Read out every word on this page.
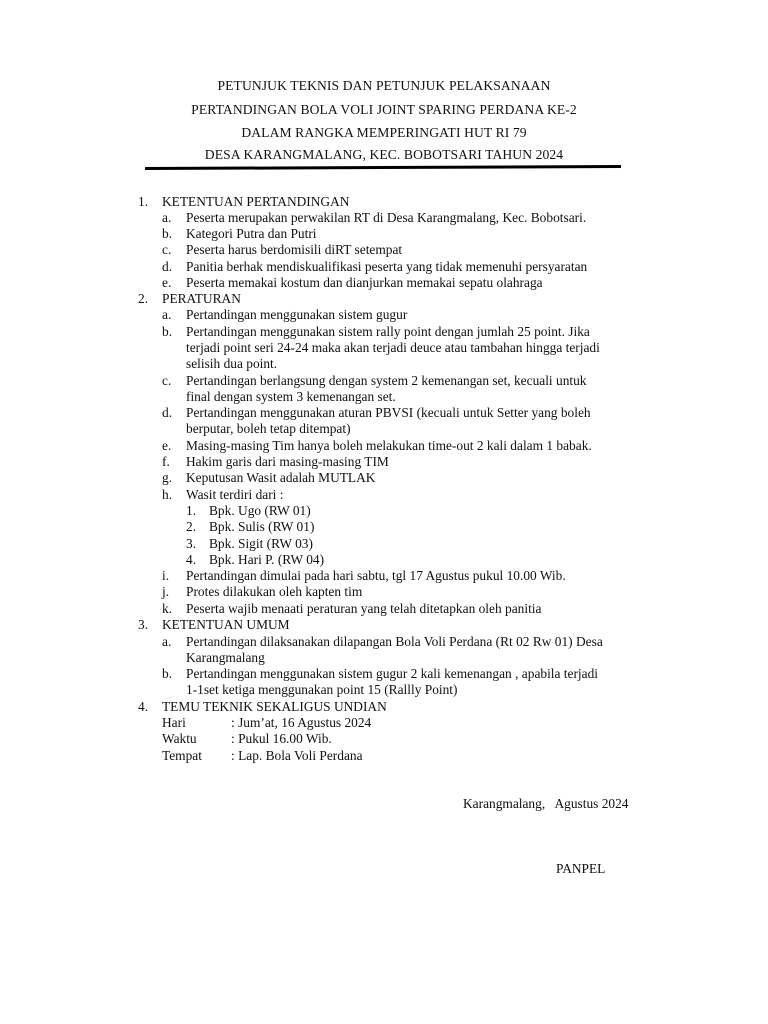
PETUNJUK TEKNIS DAN PETUNJUK PELAKSANAAN
PERTANDINGAN BOLA VOLI JOINT SPARING PERDANA KE-2
DALAM RANGKA MEMPERINGATI HUT RI 79
DESA KARANGMALANG, KEC. BOBOTSARI TAHUN 2024
1. KETENTUAN PERTANDINGAN
a. Peserta merupakan perwakilan RT di Desa Karangmalang, Kec. Bobotsari.
b. Kategori Putra dan Putri
c. Peserta harus berdomisili diRT setempat
d. Panitia berhak mendiskualifikasi peserta yang tidak memenuhi persyaratan
e. Peserta memakai kostum dan dianjurkan memakai sepatu olahraga
2. PERATURAN
a. Pertandingan menggunakan sistem gugur
b. Pertandingan menggunakan sistem rally point dengan jumlah 25 point. Jika
terjadi point seri 24-24 maka akan terjadi deuce atau tambahan hingga terjadi
selisih dua point.
c. Pertandingan berlangsung dengan system 2 kemenangan set, kecuali untuk
final dengan system 3 kemenangan set.
d. Pertandingan menggunakan aturan PBVSI (kecuali untuk Setter yang boleh
berputar, boleh tetap ditempat)
e. Masing-masing Tim hanya boleh melakukan time-out 2 kali dalam 1 babak.
f. Hakim garis dari masing-masing TIM
g. Keputusan Wasit adalah MUTLAK
h. Wasit terdiri dari :
1. Bpk. Ugo (RW 01)
2. Bpk. Sulis (RW 01)
3. Bpk. Sigit (RW 03)
4. Bpk. Hari P. (RW 04)
i. Pertandingan dimulai pada hari sabtu, tgl 17 Agustus pukul 10.00 Wib.
j. Protes dilakukan oleh kapten tim
k. Peserta wajib menaati peraturan yang telah ditetapkan oleh panitia
3. KETENTUAN UMUM
a. Pertandingan dilaksanakan dilapangan Bola Voli Perdana (Rt 02 Rw 01) Desa
Karangmalang
b. Pertandingan menggunakan sistem gugur 2 kali kemenangan , apabila terjadi
1-1set ketiga menggunakan point 15 (Rallly Point)
4. TEMU TEKNIK SEKALIGUS UNDIAN
Hari	: Jum’at, 16 Agustus 2024
Waktu	: Pukul 16.00 Wib.
Tempat : Lap. Bola Voli Perdana
Karangmalang,   Agustus 2024
PANPEL
